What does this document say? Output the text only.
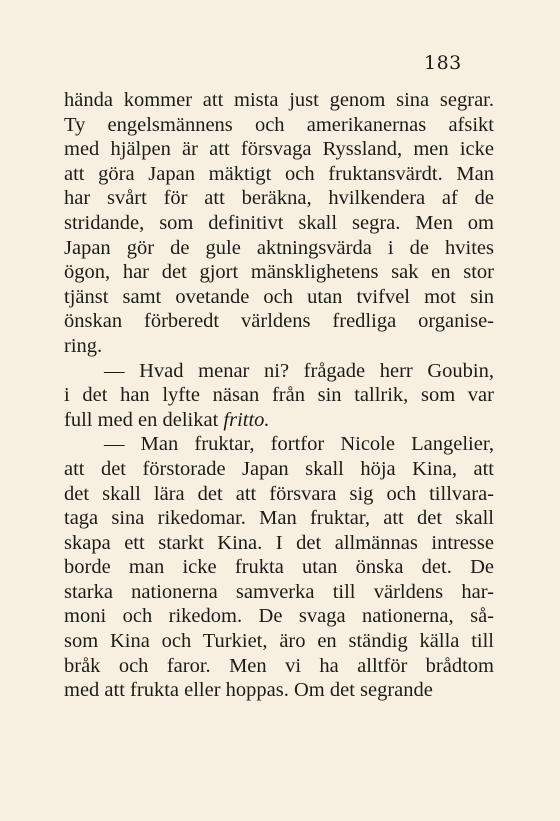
183
hända kommer att mista just genom sina segrar.
Ty engelsmännens och amerikanernas afsikt
med hjälpen är att försvaga Ryssland, men icke
att göra Japan mäktigt och fruktansvärdt. Man
har svårt för att beräkna, hvilkendera af de
stridande, som definitivt skall segra. Men om
Japan gör de gule aktningsvärda i de hvites
ögon, har det gjort mänsklighetens sak en stor
tjänst samt ovetande och utan tvifvel mot sin
önskan förberedt världens fredliga organise-
ring.
— Hvad menar ni? frågade herr Goubin,
i det han lyfte näsan från sin tallrik, som var
full med en delikat fritto.
— Man fruktar, fortfor Nicole Langelier,
att det förstorade Japan skall höja Kina, att
det skall lära det att försvara sig och tillvara-
taga sina rikedomar. Man fruktar, att det skall
skapa ett starkt Kina. I det allmännas intresse
borde man icke frukta utan önska det. De
starka nationerna samverka till världens har-
moni och rikedom. De svaga nationerna, så-
som Kina och Turkiet, äro en ständig källa till
bråk och faror. Men vi ha alltför brådtom
med att frukta eller hoppas. Om det segrande
